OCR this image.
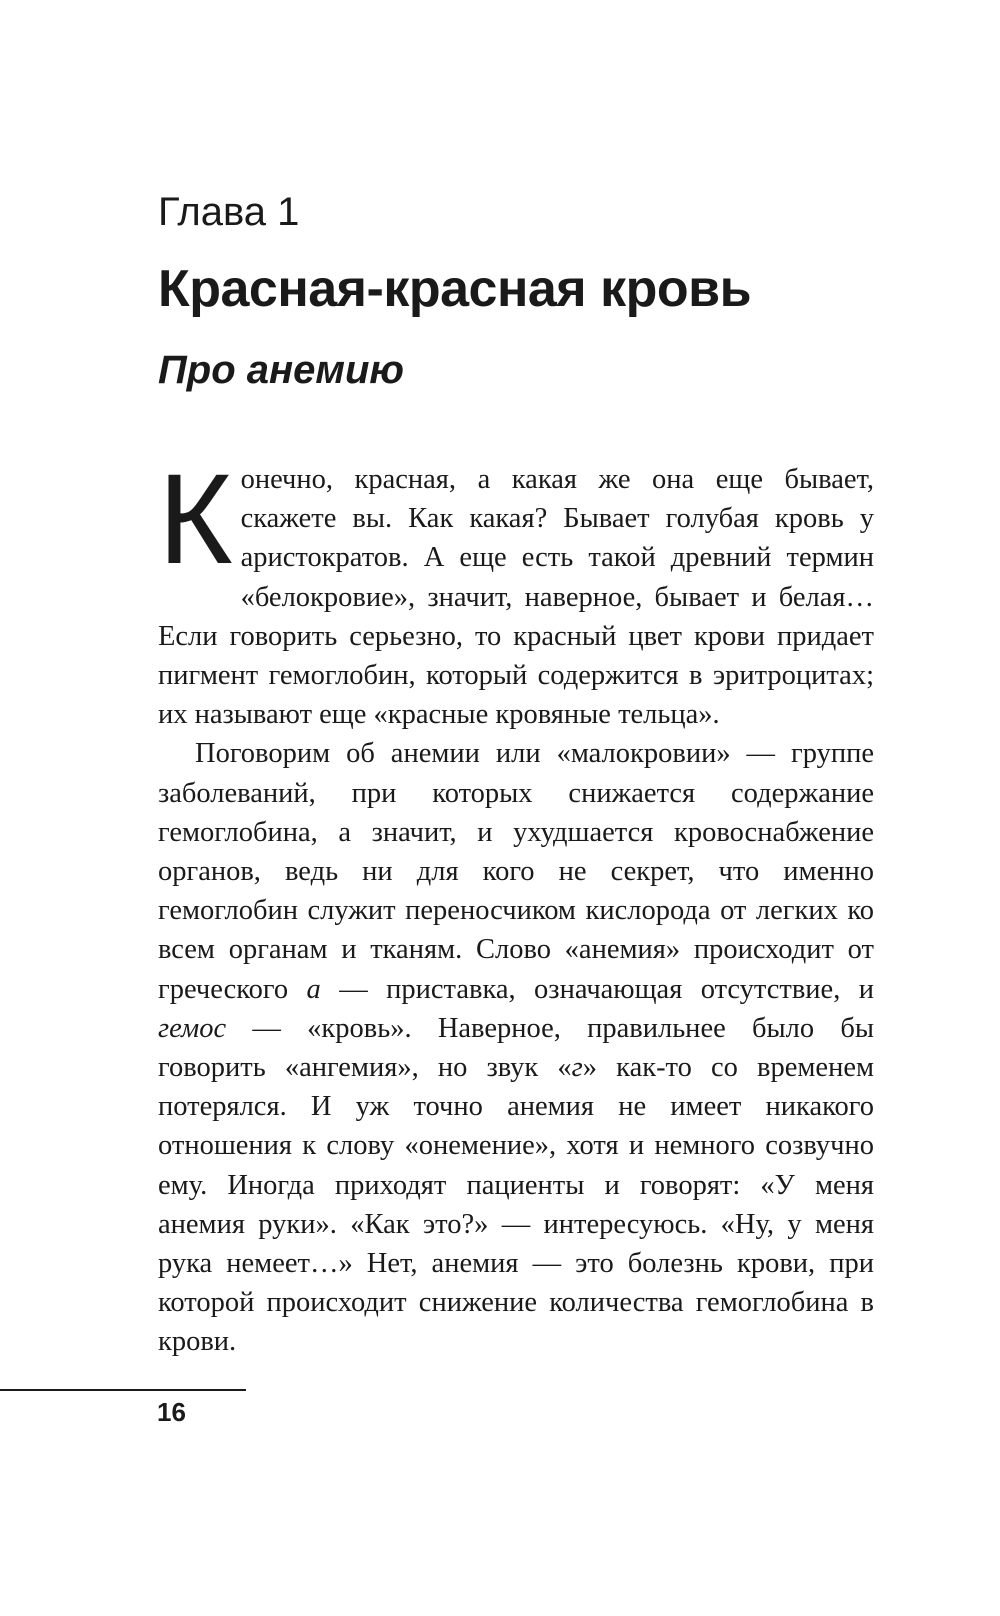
Глава 1
Красная-красная кровь
Про анемию

Конечно, красная, а какая же она еще бывает, скажете вы. Как какая? Бывает голубая кровь у аристократов. А еще есть такой древний термин «белокровие», значит, наверное, бывает и белая… Если говорить серьезно, то красный цвет крови придает пигмент гемоглобин, который содержится в эритроцитах; их называют еще «красные кровяные тельца».

Поговорим об анемии или «малокровии» — группе заболеваний, при которых снижается содержание гемоглобина, а значит, и ухудшается кровоснабжение органов, ведь ни для кого не секрет, что именно гемоглобин служит переносчиком кислорода от легких ко всем органам и тканям. Слово «анемия» происходит от греческого а — приставка, означающая отсутствие, и гемос — «кровь». Наверное, правильнее было бы говорить «ангемия», но звук «г» как-то со временем потерялся. И уж точно анемия не имеет никакого отношения к слову «онемение», хотя и немного созвучно ему. Иногда приходят пациенты и говорят: «У меня анемия руки». «Как это?» — интересуюсь. «Ну, у меня рука немеет…» Нет, анемия — это болезнь крови, при которой происходит снижение количества гемоглобина в крови.

16
